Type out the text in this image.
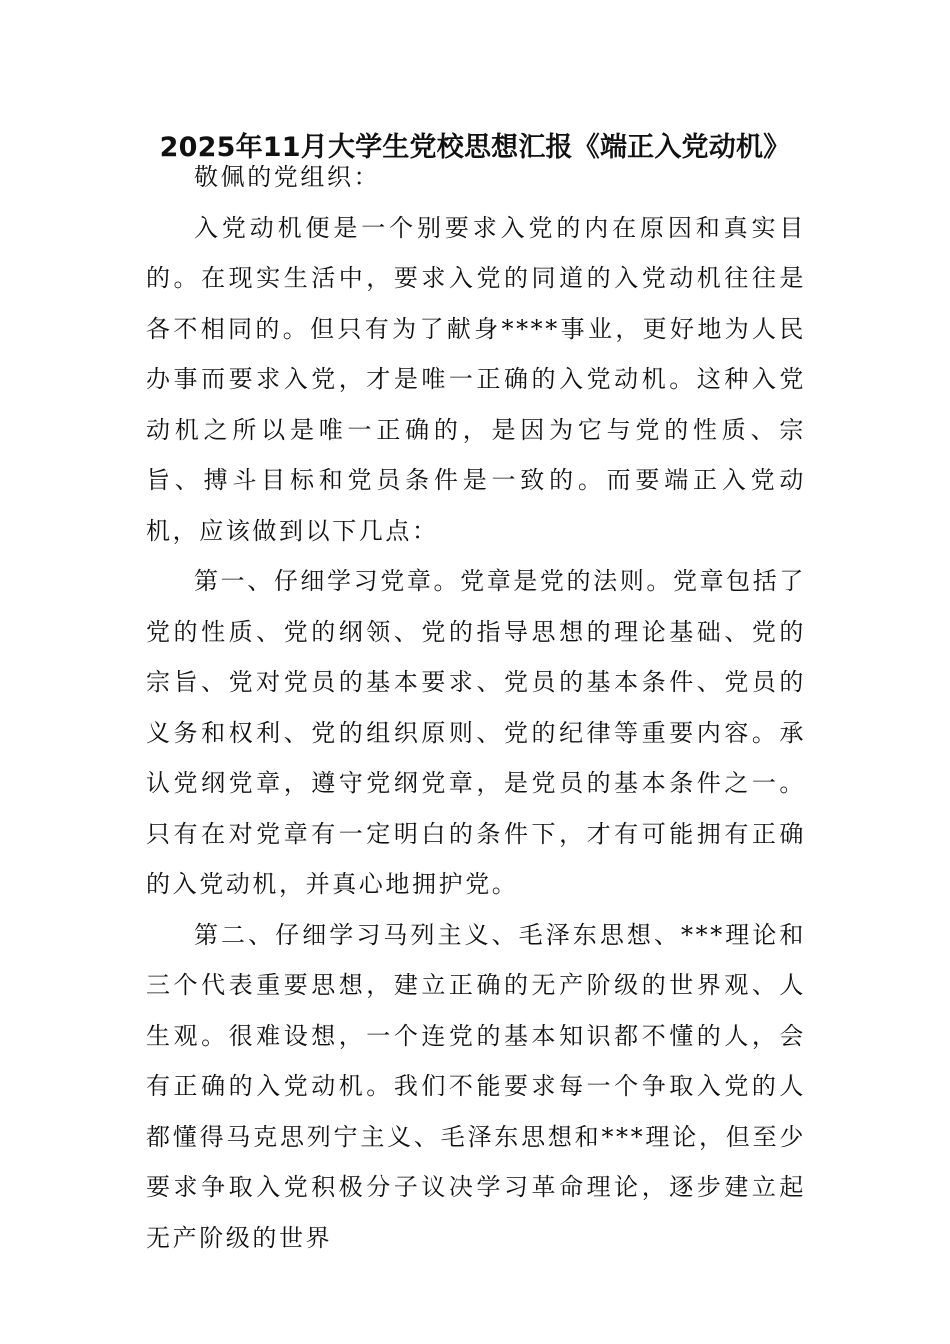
2025年11月大学生党校思想汇报《端正入党动机》

敬佩的党组织：

入党动机便是一个别要求入党的内在原因和真实目的。在现实生活中，要求入党的同道的入党动机往往是各不相同的。但只有为了献身****事业，更好地为人民办事而要求入党，才是唯一正确的入党动机。这种入党动机之所以是唯一正确的，是因为它与党的性质、宗旨、搏斗目标和党员条件是一致的。而要端正入党动机，应该做到以下几点：

第一、仔细学习党章。党章是党的法则。党章包括了党的性质、党的纲领、党的指导思想的理论基础、党的宗旨、党对党员的基本要求、党员的基本条件、党员的义务和权利、党的组织原则、党的纪律等重要内容。承认党纲党章，遵守党纲党章，是党员的基本条件之一。只有在对党章有一定明白的条件下，才有可能拥有正确的入党动机，并真心地拥护党。

第二、仔细学习马列主义、毛泽东思想、***理论和三个代表重要思想，建立正确的无产阶级的世界观、人生观。很难设想，一个连党的基本知识都不懂的人，会有正确的入党动机。我们不能要求每一个争取入党的人都懂得马克思列宁主义、毛泽东思想和***理论，但至少要求争取入党积极分子议决学习革命理论，逐步建立起无产阶级的世界
